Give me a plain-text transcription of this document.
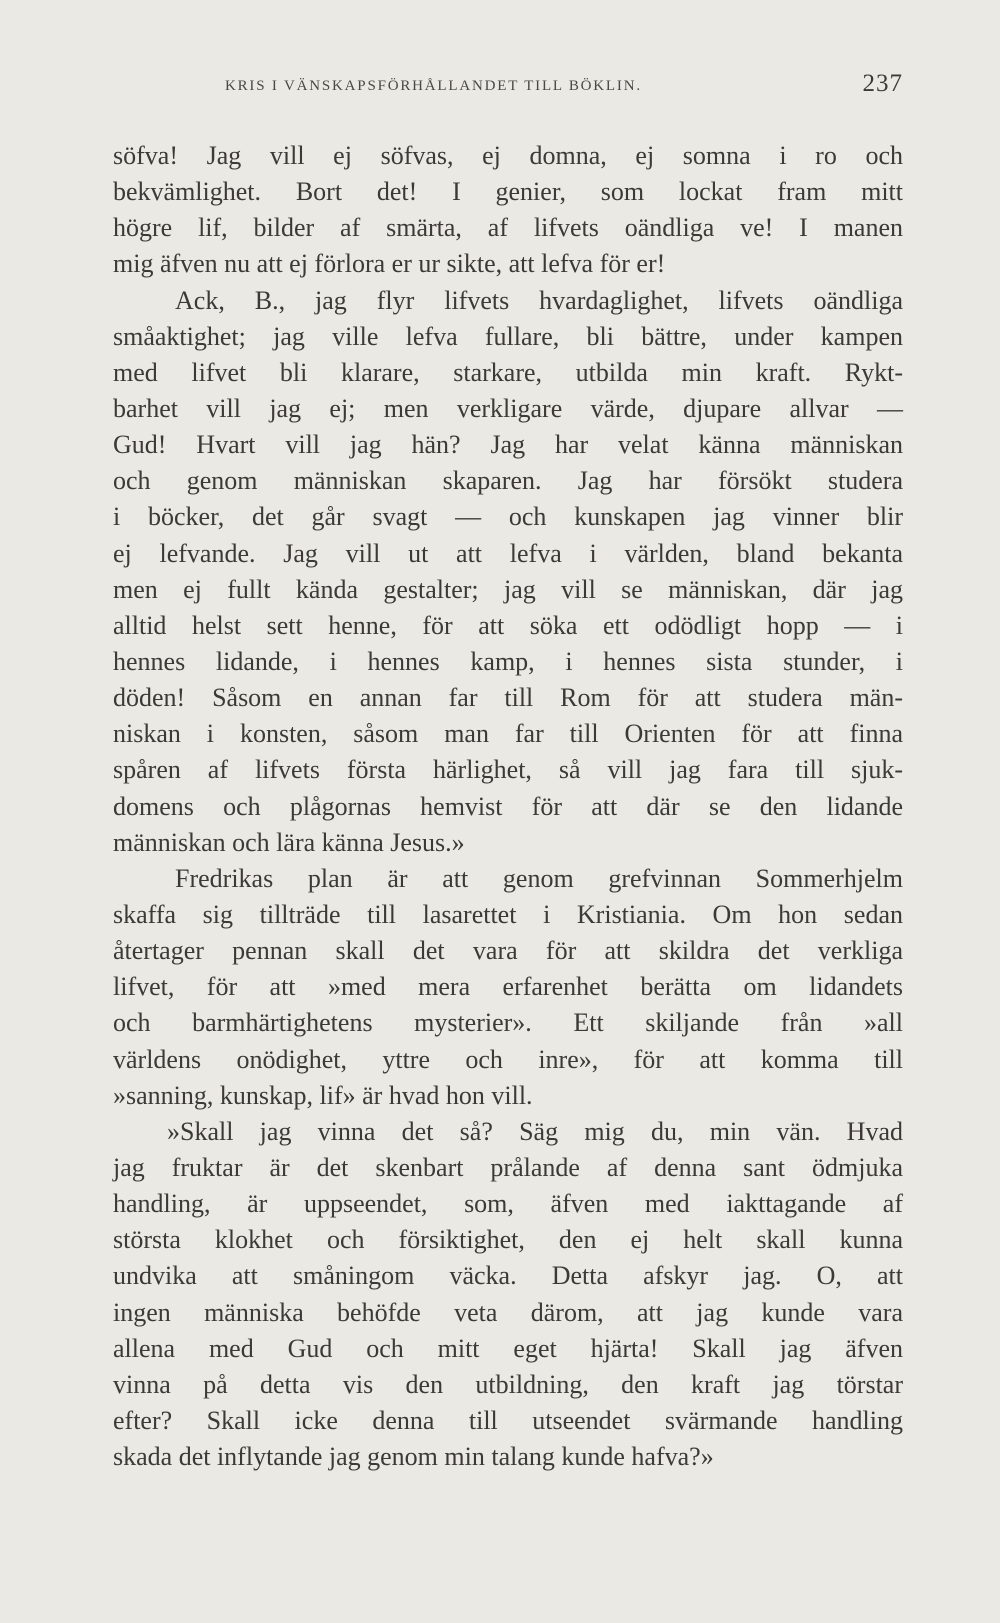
KRIS I VÄNSKAPSFÖRHÅLLANDET TILL BÖKLIN.	237
söfva! Jag vill ej söfvas, ej domna, ej somna i ro och
bekvämlighet. Bort det! I genier, som lockat fram mitt
högre lif, bilder af smärta, af lifvets oändliga ve! I manen
mig äfven nu att ej förlora er ur sikte, att lefva för er!
Ack, B., jag flyr lifvets hvardaglighet, lifvets oändliga
småaktighet; jag ville lefva fullare, bli bättre, under kampen
med lifvet bli klarare, starkare, utbilda min kraft. Rykt-
barhet vill jag ej; men verkligare värde, djupare allvar —
Gud! Hvart vill jag hän? Jag har velat känna människan
och genom människan skaparen. Jag har försökt studera
i böcker, det går svagt — och kunskapen jag vinner blir
ej lefvande. Jag vill ut att lefva i världen, bland bekanta
men ej fullt kända gestalter; jag vill se människan, där jag
alltid helst sett henne, för att söka ett odödligt hopp — i
hennes lidande, i hennes kamp, i hennes sista stunder, i
döden! Såsom en annan far till Rom för att studera män-
niskan i konsten, såsom man far till Orienten för att finna
spåren af lifvets första härlighet, så vill jag fara till sjuk-
domens och plågornas hemvist för att där se den lidande
människan och lära känna Jesus.»
Fredrikas plan är att genom grefvinnan Sommerhjelm
skaffa sig tillträde till lasarettet i Kristiania. Om hon sedan
återtager pennan skall det vara för att skildra det verkliga
lifvet, för att »med mera erfarenhet berätta om lidandets
och barmhärtighetens mysterier». Ett skiljande från »all
världens onödighet, yttre och inre», för att komma till
»sanning, kunskap, lif» är hvad hon vill.
»Skall jag vinna det så? Säg mig du, min vän. Hvad
jag fruktar är det skenbart prålande af denna sant ödmjuka
handling, är uppseendet, som, äfven med iakttagande af
största klokhet och försiktighet, den ej helt skall kunna
undvika att småningom väcka. Detta afskyr jag. O, att
ingen människa behöfde veta därom, att jag kunde vara
allena med Gud och mitt eget hjärta! Skall jag äfven
vinna på detta vis den utbildning, den kraft jag törstar
efter? Skall icke denna till utseendet svärmande handling
skada det inflytande jag genom min talang kunde hafva?»
